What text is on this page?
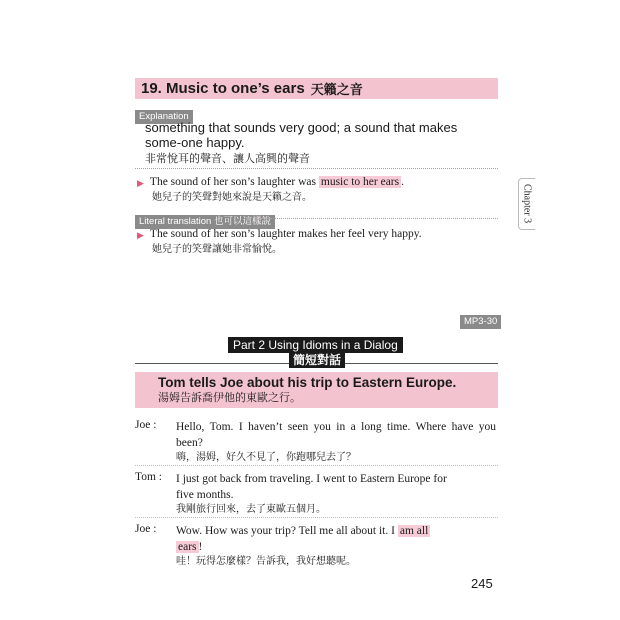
19. Music to one’s ears 天籟之音
Explanation
something that sounds very good; a sound that makes some-one happy.
非常悅耳的聲音、讓人高興的聲音
▶ The sound of her son’s laughter was music to her ears .
她兒子的笑聲對她來說是天籟之音。
Literal translation 也可以這樣說
▶ The sound of her son’s laughter makes her feel very happy.
她兒子的笑聲讓她非常愉悅。
Chapter 3
MP3-30
Part 2 Using Idioms in a Dialog
簡短對話
Tom tells Joe about his trip to Eastern Europe.
湯姆告訴喬伊他的東歐之行。
Joe : Hello, Tom. I haven’t seen you in a long time. Where have you
been?
嗨，湯姆，好久不見了，你跑哪兒去了？
Tom : I just got back from traveling. I went to Eastern Europe for
five months.
我剛旅行回來，去了東歐五個月。
Joe : Wow. How was your trip? Tell me all about it. I am all
ears !
哇！玩得怎麼樣？告訴我，我好想聽呢。
245
